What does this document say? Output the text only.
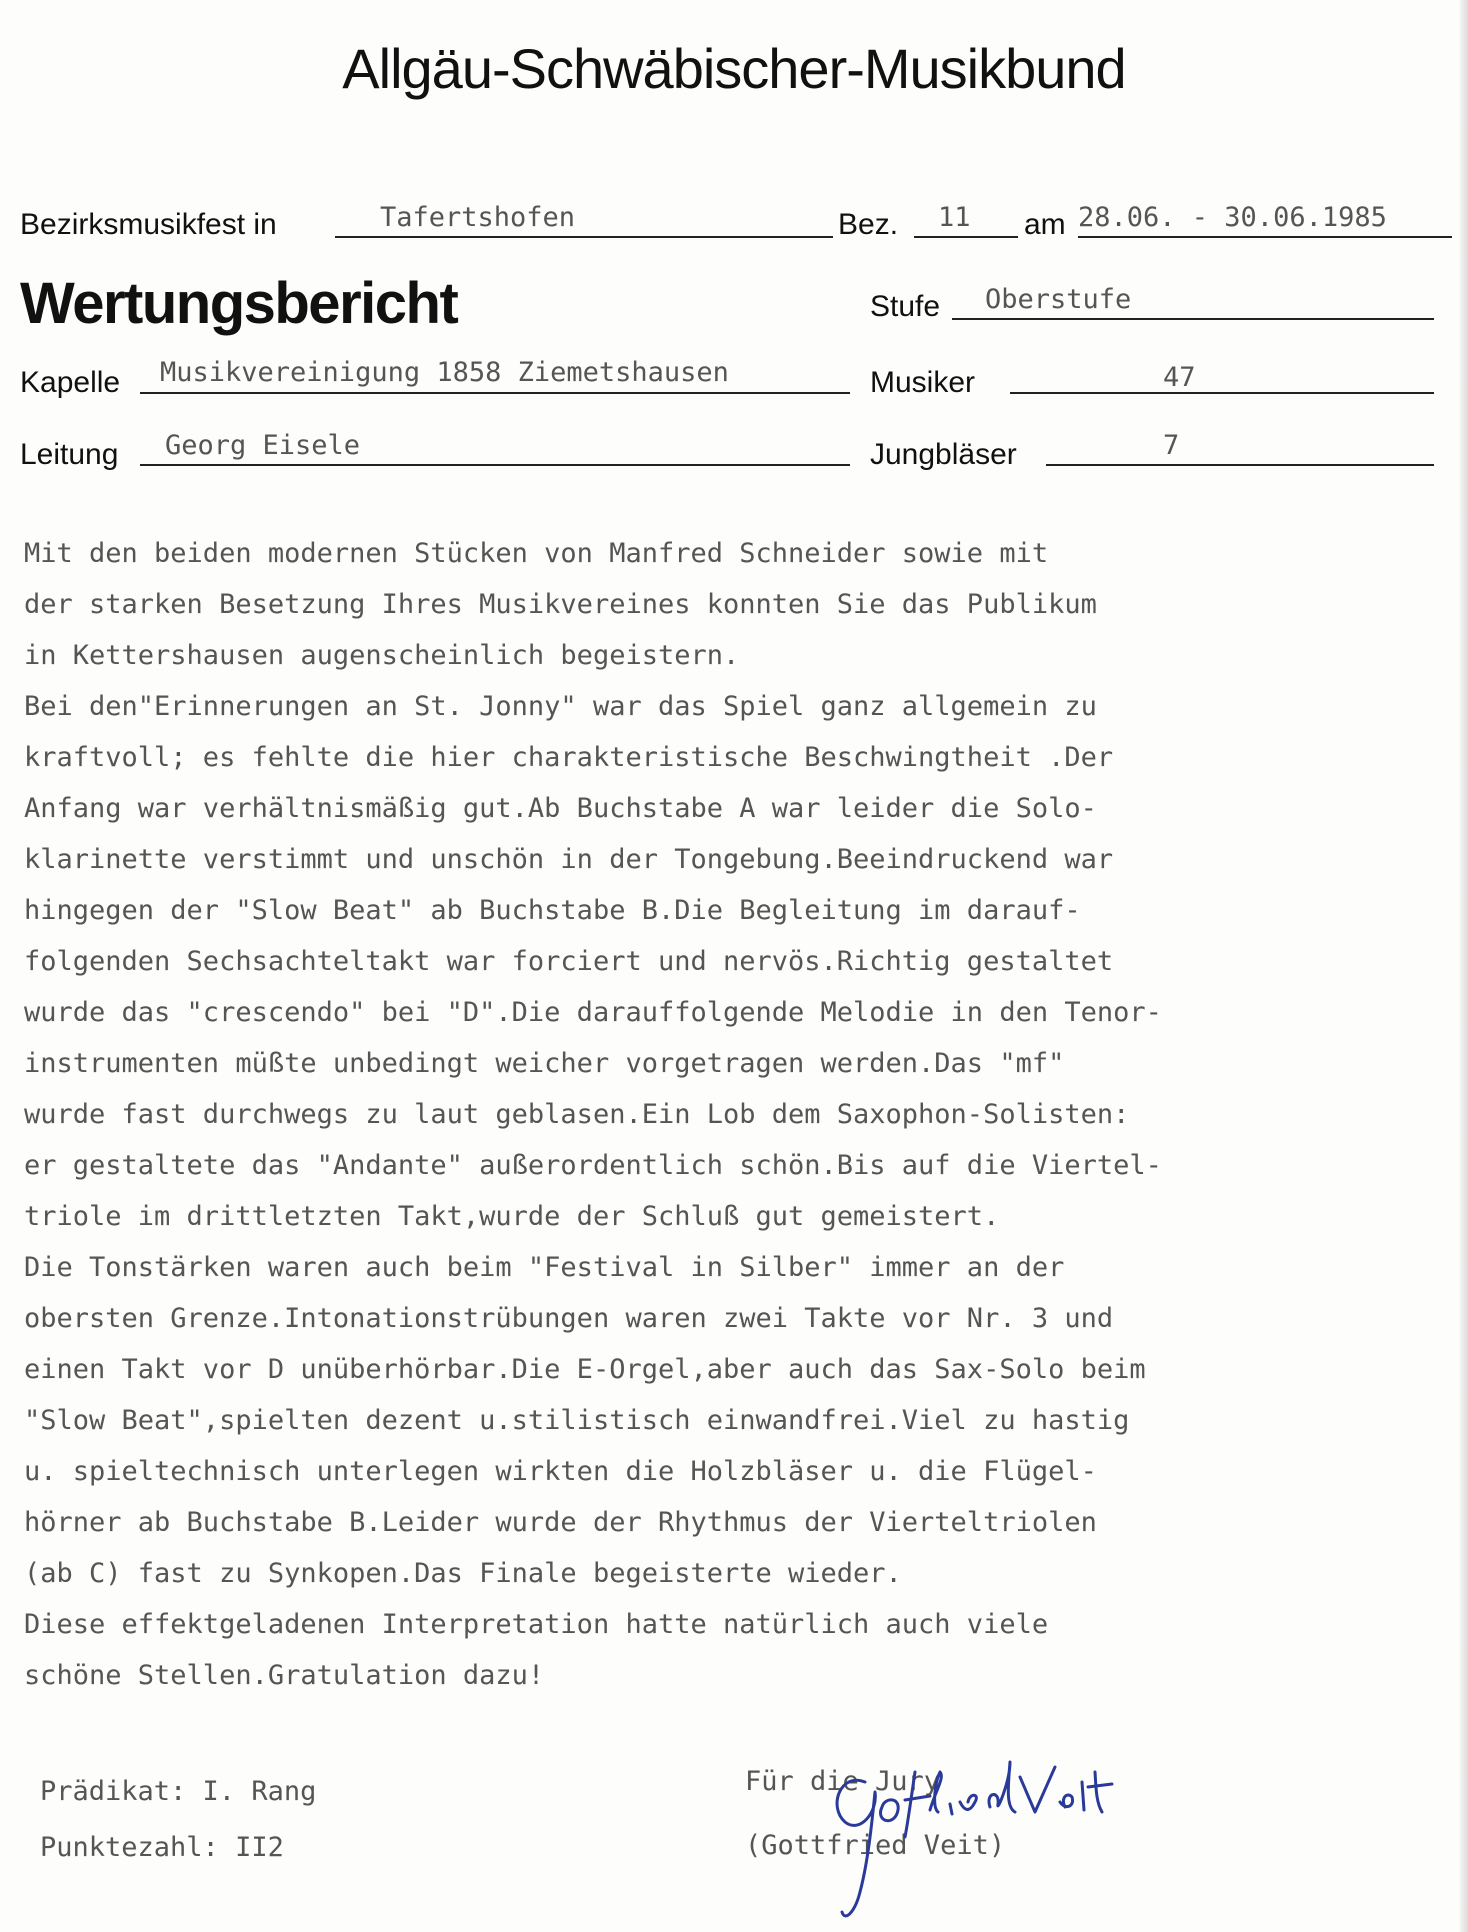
Allgäu-Schwäbischer-Musikbund
Bezirksmusikfest in	Tafertshofen	Bez. 11 am 28.06. - 30.06.1985
Wertungsbericht	Stufe Oberstufe
Kapelle Musikvereinigung 1858 Ziemetshausen	Musiker	47
Leitung Georg Eisele	Jungbläser	7
Mit den beiden modernen Stücken von Manfred Schneider sowie mit
der starken Besetzung Ihres Musikvereines konnten Sie das Publikum
in Kettershausen augenscheinlich begeistern.
Bei den"Erinnerungen an St. Jonny" war das Spiel ganz allgemein zu
kraftvoll; es fehlte die hier charakteristische Beschwingtheit .Der
Anfang war verhältnismäßig gut.Ab Buchstabe A war leider die Solo-
klarinette verstimmt und unschön in der Tongebung.Beeindruckend war
hingegen der "Slow Beat" ab Buchstabe B.Die Begleitung im darauf-
folgenden Sechsachteltakt war forciert und nervös.Richtig gestaltet
wurde das "crescendo" bei "D".Die darauffolgende Melodie in den Tenor-
instrumenten müßte unbedingt weicher vorgetragen werden.Das "mf"
wurde fast durchwegs zu laut geblasen.Ein Lob dem Saxophon-Solisten:
er gestaltete das "Andante" außerordentlich schön.Bis auf die Viertel-
triole im drittletzten Takt,wurde der Schluß gut gemeistert.
Die Tonstärken waren auch beim "Festival in Silber" immer an der
obersten Grenze.Intonationstrübungen waren zwei Takte vor Nr. 3 und
einen Takt vor D unüberhörbar.Die E-Orgel,aber auch das Sax-Solo beim
"Slow Beat",spielten dezent u.stilistisch einwandfrei.Viel zu hastig
u. spieltechnisch unterlegen wirkten die Holzbläser u. die Flügel-
hörner ab Buchstabe B.Leider wurde der Rhythmus der Vierteltriolen
(ab C) fast zu Synkopen.Das Finale begeisterte wieder.
Diese effektgeladenen Interpretation hatte natürlich auch viele
schöne Stellen.Gratulation dazu!
Prädikat: I. Rang
Punktezahl: II2
Für die Jury
(Gottfried Veit)
